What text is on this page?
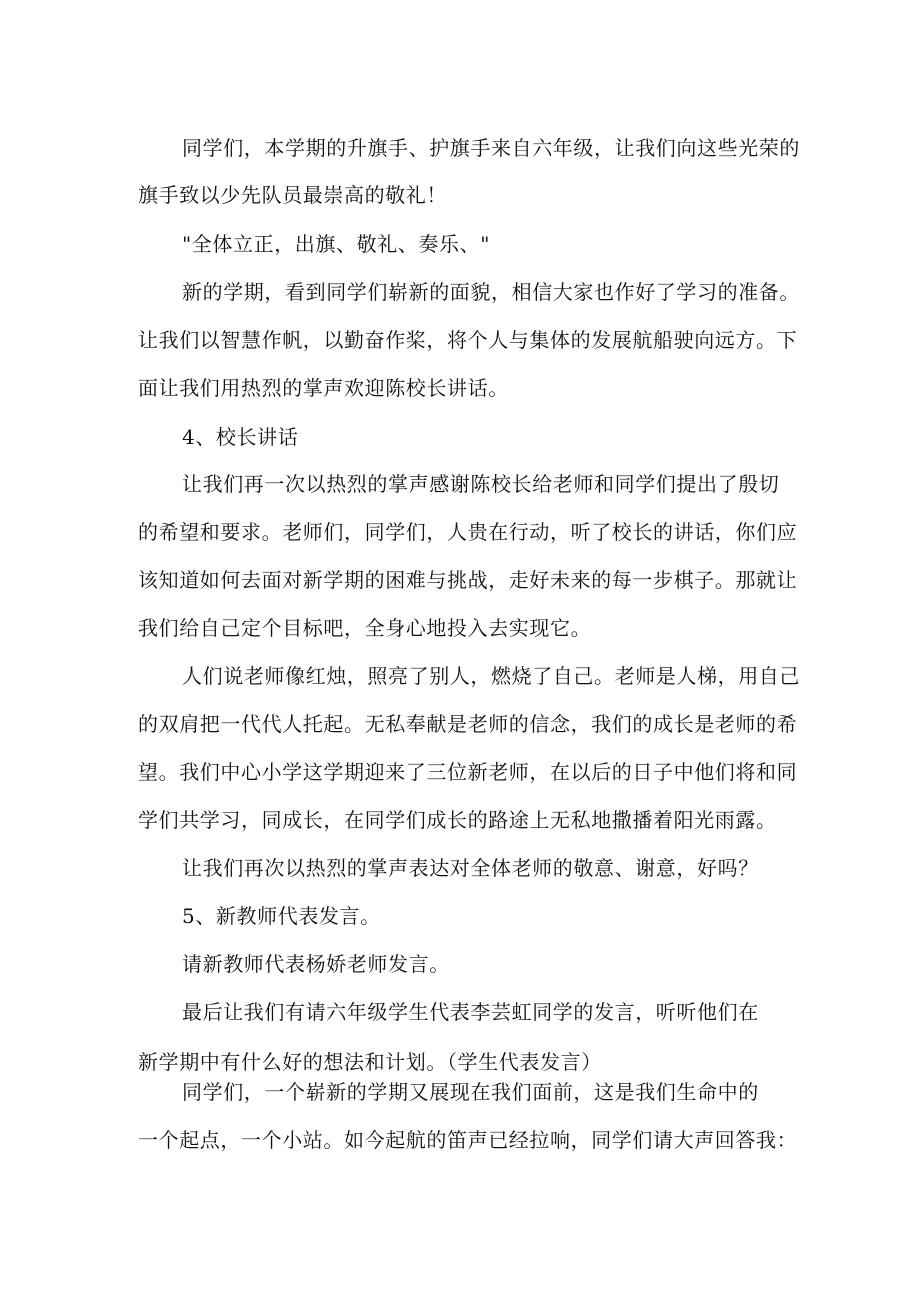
同学们，本学期的升旗手、护旗手来自六年级，让我们向这些光荣的
旗手致以少先队员最崇高的敬礼！
"全体立正，出旗、敬礼、奏乐、"
新的学期，看到同学们崭新的面貌，相信大家也作好了学习的准备。
让我们以智慧作帆，以勤奋作桨，将个人与集体的发展航船驶向远方。下
面让我们用热烈的掌声欢迎陈校长讲话。
4、校长讲话
让我们再一次以热烈的掌声感谢陈校长给老师和同学们提出了殷切
的希望和要求。老师们，同学们，人贵在行动，听了校长的讲话，你们应
该知道如何去面对新学期的困难与挑战，走好未来的每一步棋子。那就让
我们给自己定个目标吧，全身心地投入去实现它。
人们说老师像红烛，照亮了别人，燃烧了自己。老师是人梯，用自己
的双肩把一代代人托起。无私奉献是老师的信念，我们的成长是老师的希
望。我们中心小学这学期迎来了三位新老师，在以后的日子中他们将和同
学们共学习，同成长，在同学们成长的路途上无私地撒播着阳光雨露。
让我们再次以热烈的掌声表达对全体老师的敬意、谢意，好吗？
5、新教师代表发言。
请新教师代表杨娇老师发言。
最后让我们有请六年级学生代表李芸虹同学的发言，听听他们在
新学期中有什么好的想法和计划。（学生代表发言）
同学们，一个崭新的学期又展现在我们面前，这是我们生命中的
一个起点，一个小站。如今起航的笛声已经拉响，同学们请大声回答我：
